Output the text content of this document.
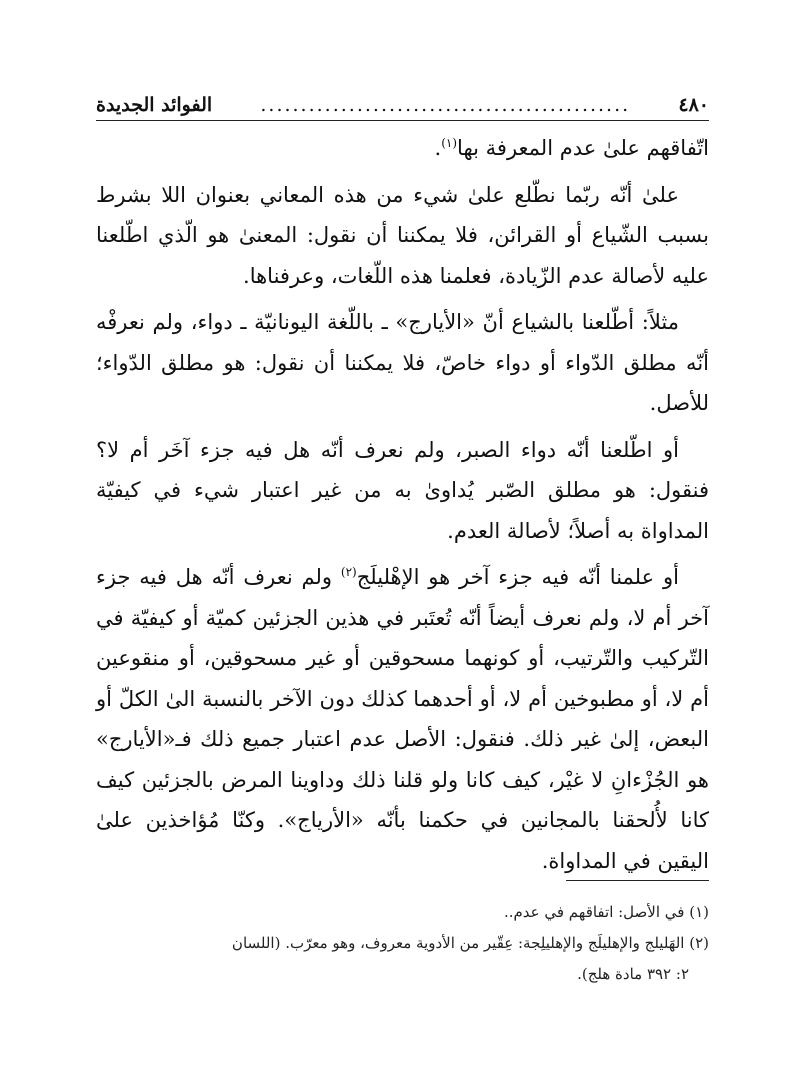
٤٨٠
..............................................
الفوائد الجديدة

اتّفاقهم علىٰ عدم المعرفة بها$^{(١)}$.

علىٰ أنّه ربّما نطّلع علىٰ شيء من هذه المعاني بعنوان اللا بشرط بسبب الشّياع أو القرائن، فلا يمكننا أن نقول: المعنىٰ هو الّذي اطّلعنا عليه لأصالة عدم الزّيادة، فعلمنا هذه اللّغات، وعرفناها.

مثلاً: أطّلعنا بالشياع أنّ «الأيارج» ـ باللّغة اليونانيّة ـ دواء، ولم نعرفْه أنّه مطلق الدّواء أو دواء خاصّ، فلا يمكننا أن نقول: هو مطلق الدّواء؛ للأصل.

أو اطّلعنا أنّه دواء الصبر، ولم نعرف أنّه هل فيه جزء آخَر أم لا؟ فنقول: هو مطلق الصّبر يُداوىٰ به من غير اعتبار شيء في كيفيّة المداواة به أصلاً؛ لأصالة العدم.

أو علمنا أنّه فيه جزء آخر هو الإهْليلَج$^{(٢)}$ ولم نعرف أنّه هل فيه جزء آخر أم لا، ولم نعرف أيضاً أنّه تُعتَبر في هذين الجزئين كميّة أو كيفيّة في التّركيب والتّرتيب، أو كونهما مسحوقين أو غير مسحوقين، أو منقوعين أم لا، أو مطبوخين أم لا، أو أحدهما كذلك دون الآخر بالنسبة الىٰ الكلّ أو البعض، إلىٰ غير ذلك. فنقول: الأصل عدم اعتبار جميع ذلك فـ«الأيارج» هو الجُزْءانِ لا غيْر، كيف كانا ولو قلنا ذلك وداوينا المرض بالجزئين كيف كانا لأُلحقنا بالمجانين في حكمنا بأنّه «الأرياج». وكنّا مُؤاخذين علىٰ اليقين في المداواة.

(١) في الأصل: اتفاقهم في عدم..

(٢) الهَليلج والإهليلَج والإهليلِجة: عِقّير من الأدوية معروف، وهو معرّب. (اللسان

٢: ٣٩٢ مادة هلج).
